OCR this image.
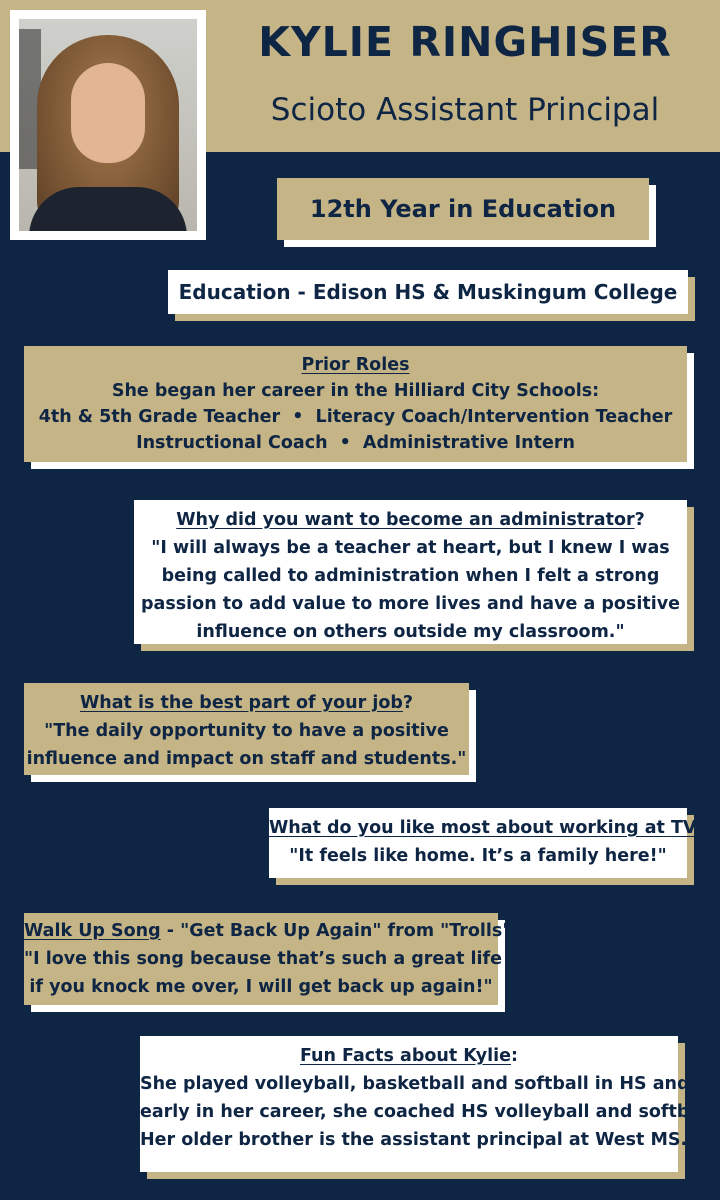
KYLIE RINGHISER
Scioto Assistant Principal
12th Year in Education
Education - Edison HS & Muskingum College
Prior Roles
She began her career in the Hilliard City Schools:
4th & 5th Grade Teacher • Literacy Coach/Intervention Teacher
Instructional Coach • Administrative Intern
Why did you want to become an administrator?
"I will always be a teacher at heart, but I knew I was
being called to administration when I felt a strong
passion to add value to more lives and have a positive
influence on others outside my classroom."
What is the best part of your job?
"The daily opportunity to have a positive
influence and impact on staff and students."
What do you like most about working at TV?
"It feels like home. It’s a family here!"
Walk Up Song - "Get Back Up Again" from "Trolls"
"I love this song because that’s such a great life lesson -
if you knock me over, I will get back up again!"
Fun Facts about Kylie:
She played volleyball, basketball and softball in HS and
early in her career, she coached HS volleyball and softball.
Her older brother is the assistant principal at West MS.
